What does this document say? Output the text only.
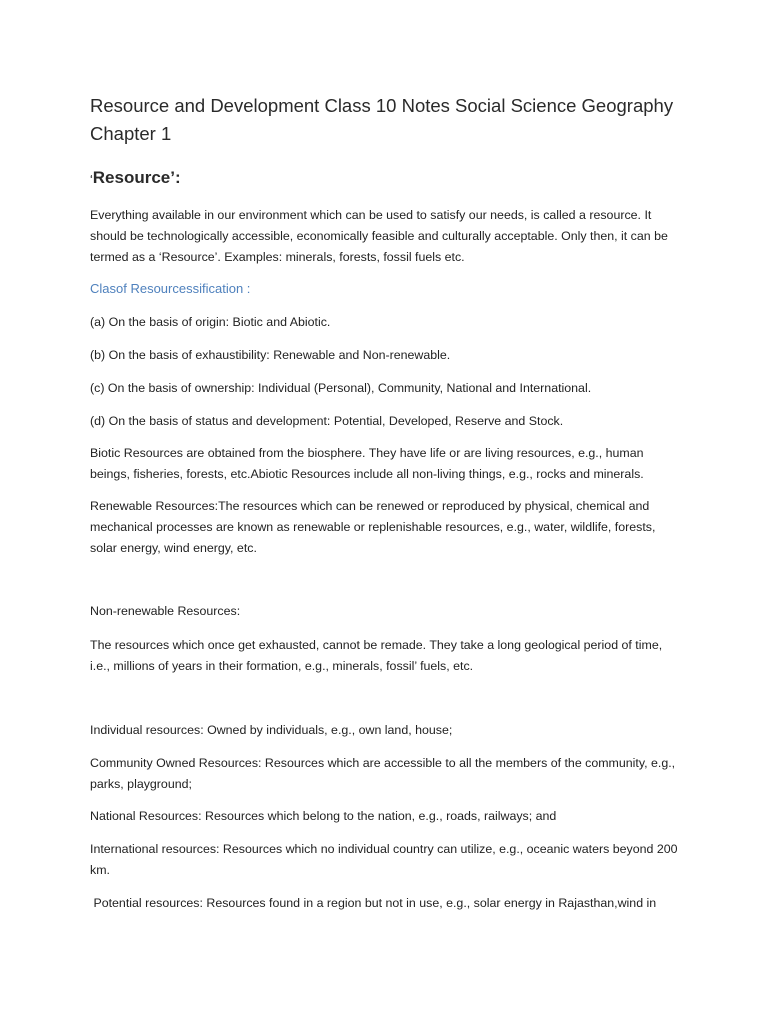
Resource and Development Class 10 Notes Social Science Geography Chapter 1
‘Resource’:

Everything available in our environment which can be used to satisfy our needs, is called a resource. It should be technologically accessible, economically feasible and culturally acceptable. Only then, it can be termed as a ‘Resource’. Examples: minerals, forests, fossil fuels etc.

Clasof Resourcessification :

(a) On the basis of origin: Biotic and Abiotic.

(b) On the basis of exhaustibility: Renewable and Non-renewable.

(c) On the basis of ownership: Individual (Personal), Community, National and International.

(d) On the basis of status and development: Potential, Developed, Reserve and Stock.

Biotic Resources are obtained from the biosphere. They have life or are living resources, e.g., human beings, fisheries, forests, etc.Abiotic Resources include all non-living things, e.g., rocks and minerals.

Renewable Resources:The resources which can be renewed or reproduced by physical, chemical and mechanical processes are known as renewable or replenishable resources, e.g., water, wildlife, forests, solar energy, wind energy, etc.

Non-renewable Resources:

The resources which once get exhausted, cannot be remade. They take a long geological period of time, i.e., millions of years in their formation, e.g., minerals, fossil’ fuels, etc.

Individual resources: Owned by individuals, e.g., own land, house;

Community Owned Resources: Resources which are accessible to all the members of the community, e.g., parks, playground;

National Resources: Resources which belong to the nation, e.g., roads, railways; and

International resources: Resources which no individual country can utilize, e.g., oceanic waters beyond 200 km.

Potential resources: Resources found in a region but not in use, e.g., solar energy in Rajasthan,wind in
